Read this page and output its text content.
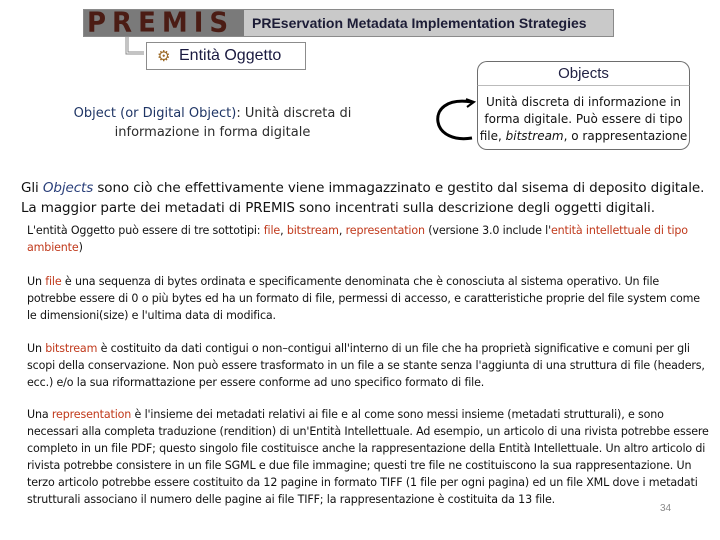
PREMIS PREservation Metadata Implementation Strategies
⚙ Entità Oggetto
Object (or Digital Object): Unità discreta di informazione in forma digitale
Objects
Unità discreta di informazione in
forma digitale. Può essere di tipo
file, bitstream, o rappresentazione
Gli Objects sono ciò che effettivamente viene immagazzinato e gestito dal sisema di deposito digitale. La maggior parte dei metadati di PREMIS sono incentrati sulla descrizione degli oggetti digitali.
L'entità Oggetto può essere di tre sottotipi: file, bitstream, representation (versione 3.0 include l'entità intellettuale di tipo ambiente)
Un file è una sequenza di bytes ordinata e specificamente denominata che è conosciuta al sistema operativo. Un file potrebbe essere di 0 o più bytes ed ha un formato di file, permessi di accesso, e caratteristiche proprie del file system come le dimensioni(size) e l'ultima data di modifica.
Un bitstream è costituito da dati contigui o non–contigui all'interno di un file che ha proprietà significative e comuni per gli scopi della conservazione. Non può essere trasformato in un file a se stante senza l'aggiunta di una struttura di file (headers, ecc.) e/o la sua riformattazione per essere conforme ad uno specifico formato di file.
Una representation è l'insieme dei metadati relativi ai file e al come sono messi insieme (metadati strutturali), e sono necessari alla completa traduzione (rendition) di un'Entità Intellettuale. Ad esempio, un articolo di una rivista potrebbe essere completo in un file PDF; questo singolo file costituisce anche la rappresentazione della Entità Intellettuale. Un altro articolo di rivista potrebbe consistere in un file SGML e due file immagine; questi tre file ne costituiscono la sua rappresentazione. Un terzo articolo potrebbe essere costituito da 12 pagine in formato TIFF (1 file per ogni pagina) ed un file XML dove i metadati strutturali associano il numero delle pagine ai file TIFF; la rappresentazione è costituita da 13 file.
34
